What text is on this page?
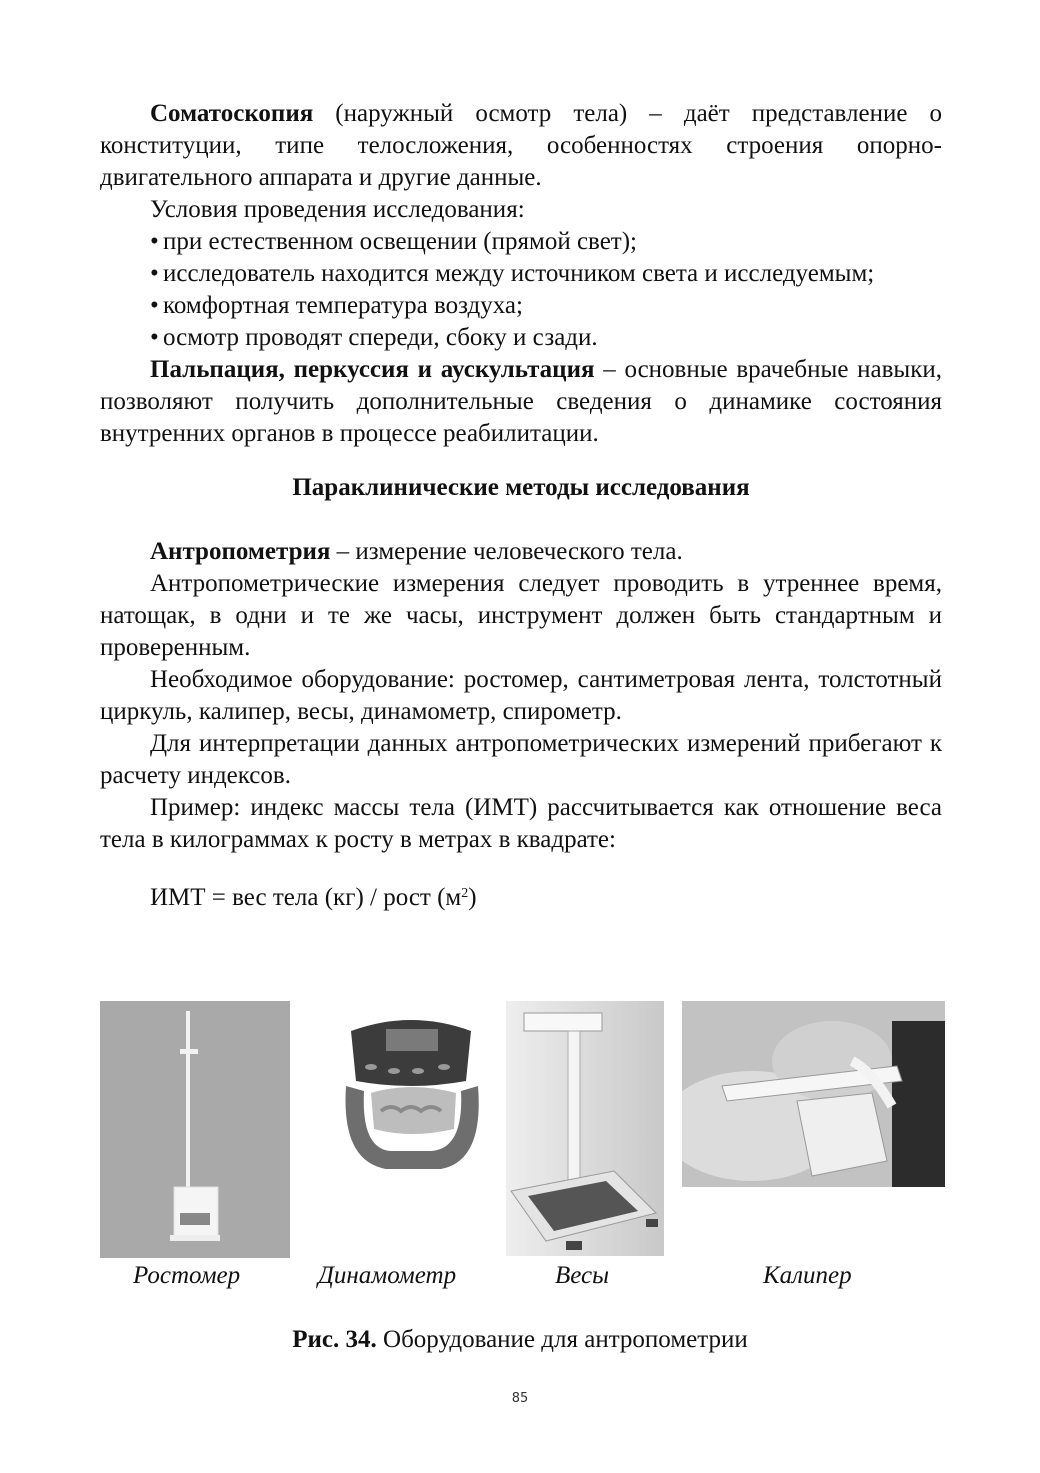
Соматоскопия (наружный осмотр тела) – даёт представление о конституции, типе телосложения, особенностях строения опорно-двигательного аппарата и другие данные.

Условия проведения исследования:

• при естественном освещении (прямой свет);
• исследователь находится между источником света и исследуемым;
• комфортная температура воздуха;
• осмотр проводят спереди, сбоку и сзади.

Пальпация, перкуссия и аускультация – основные врачебные навыки, позволяют получить дополнительные сведения о динамике состояния внутренних органов в процессе реабилитации.

Параклинические методы исследования

Антропометрия – измерение человеческого тела.

Антропометрические измерения следует проводить в утреннее время, натощак, в одни и те же часы, инструмент должен быть стандартным и проверенным.

Необходимое оборудование: ростомер, сантиметровая лента, толстотный циркуль, калипер, весы, динамометр, спирометр.

Для интерпретации данных антропометрических измерений прибегают к расчету индексов.

Пример: индекс массы тела (ИМТ) рассчитывается как отношение веса тела в килограммах к росту в метрах в квадрате:

ИМТ = вес тела (кг) / рост $(м^2)$
Ростомер	Динамометр	Весы	Калипер
Рис. 34. Оборудование для антропометрии
85
